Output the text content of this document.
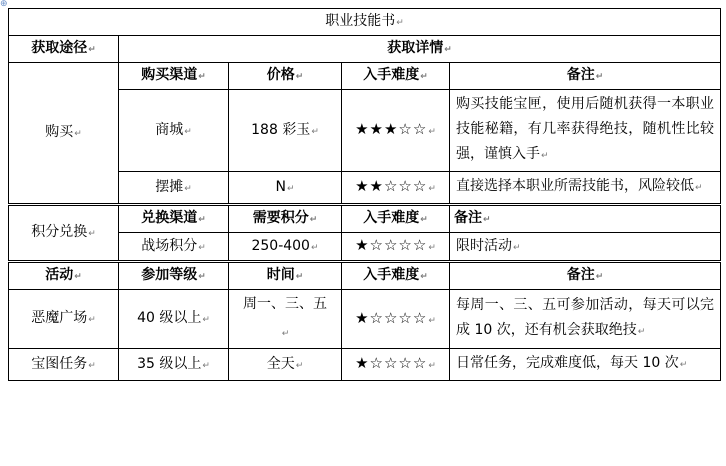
⊕
职业技能书↵				
获取途径↵	获取详情↵			
购买↵	购买渠道↵	价格↵	入手难度↵	备注↵
	商城↵	188 彩玉↵	★★★☆☆↵	购买技能宝匣，使用后随机获得一本职业技能秘籍，有几率获得绝技，随机性比较强，谨慎入手↵
	摆摊↵	N↵	★★☆☆☆↵	直接选择本职业所需技能书，风险较低↵
积分兑换↵	兑换渠道↵	需要积分↵	入手难度↵	备注↵
	战场积分↵	250-400↵	★☆☆☆☆↵	限时活动↵
活动↵	参加等级↵	时间↵	入手难度↵	备注↵
恶魔广场↵	40 级以上↵	周一、三、五↵	★☆☆☆☆↵	每周一、三、五可参加活动，每天可以完成 10 次，还有机会获取绝技↵
宝图任务↵	35 级以上↵	全天↵	★☆☆☆☆↵	日常任务，完成难度低，每天 10 次↵
